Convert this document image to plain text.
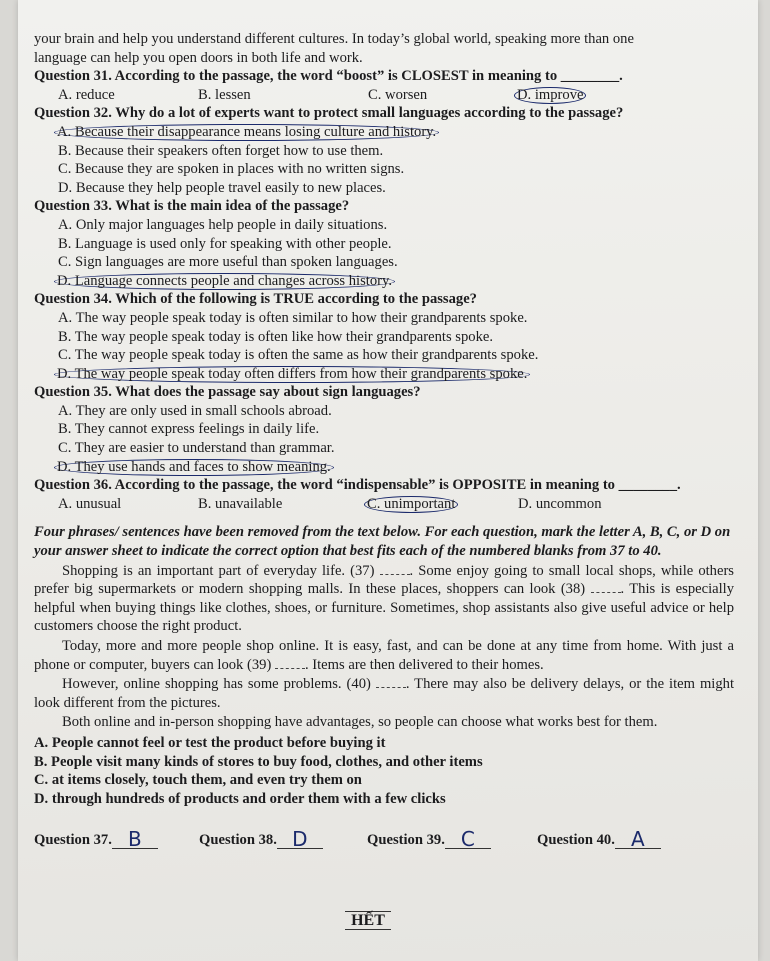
your brain and help you understand different cultures. In today’s global world, speaking more than one

language can help you open doors in both life and work.

Question 31. According to the passage, the word “boost” is CLOSEST in meaning to ________.

A. reduce	B. lessen	C. worsen	D. improve

Question 32. Why do a lot of experts want to protect small languages according to the passage?

A. Because their disappearance means losing culture and history.

B. Because their speakers often forget how to use them.

C. Because they are spoken in places with no written signs.

D. Because they help people travel easily to new places.

Question 33. What is the main idea of the passage?

A. Only major languages help people in daily situations.

B. Language is used only for speaking with other people.

C. Sign languages are more useful than spoken languages.

D. Language connects people and changes across history.

Question 34. Which of the following is TRUE according to the passage?

A. The way people speak today is often similar to how their grandparents spoke.

B. The way people speak today is often like how their grandparents spoke.

C. The way people speak today is often the same as how their grandparents spoke.

D. The way people speak today often differs from how their grandparents spoke.

Question 35. What does the passage say about sign languages?

A. They are only used in small schools abroad.

B. They cannot express feelings in daily life.

C. They are easier to understand than grammar.

D. They use hands and faces to show meaning.

Question 36. According to the passage, the word “indispensable” is OPPOSITE in meaning to ________.

A. unusual	B. unavailable	C. unimportant	D. uncommon

Four phrases/ sentences have been removed from the text below. For each question, mark the letter A, B, C, or D on your answer sheet to indicate the correct option that best fits each of the numbered blanks from 37 to 40.

Shopping is an important part of everyday life. (37) . Some enjoy going to small local shops, while others prefer big supermarkets or modern shopping malls. In these places, shoppers can look (38) . This is especially helpful when buying things like clothes, shoes, or furniture. Sometimes, shop assistants also give useful advice or help customers choose the right product.

Today, more and more people shop online. It is easy, fast, and can be done at any time from home. With just a phone or computer, buyers can look (39) . Items are then delivered to their homes.

However, online shopping has some problems. (40) . There may also be delivery delays, or the item might look different from the pictures.

Both online and in-person shopping have advantages, so people can choose what works best for them.

A. People cannot feel or test the product before buying it

B. People visit many kinds of stores to buy food, clothes, and other items

C. at items closely, touch them, and even try them on

D. through hundreds of products and order them with a few clicks

Question 37. B	Question 38. D	Question 39. C	Question 40. A
HẾT
